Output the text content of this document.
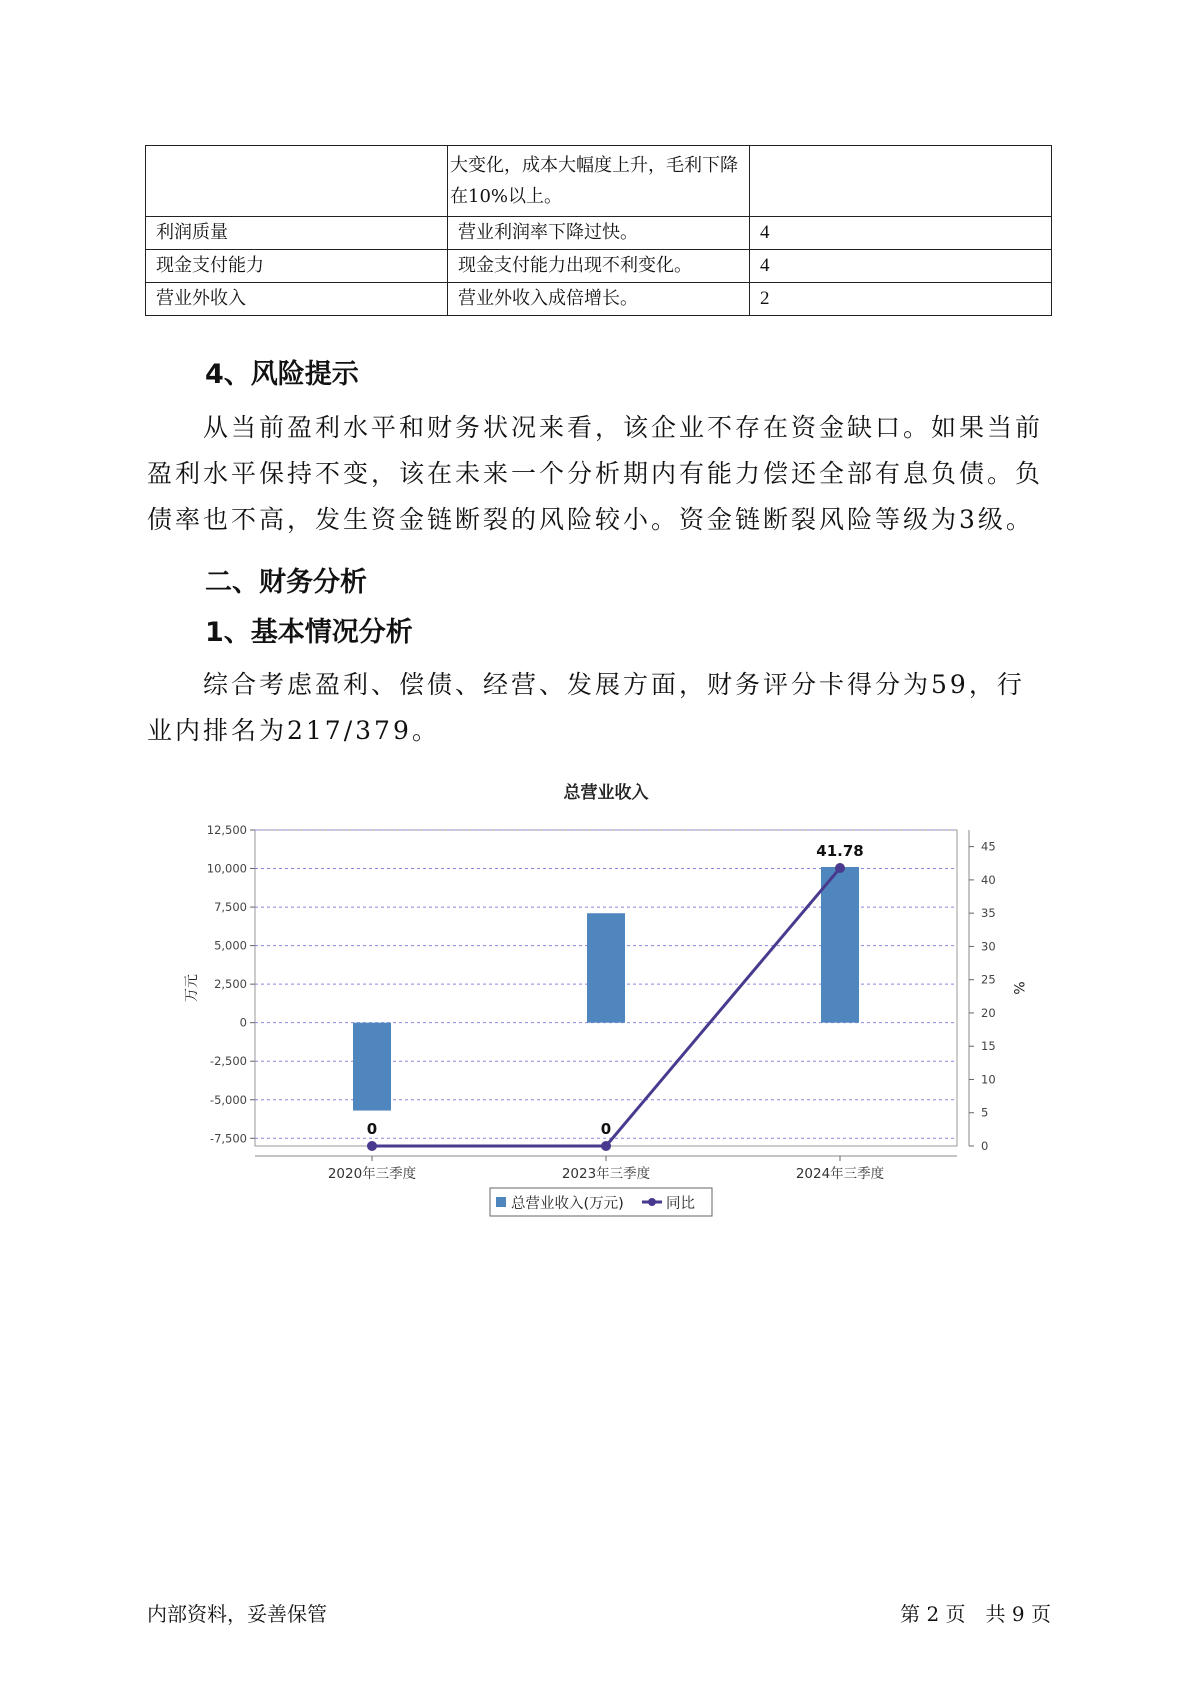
	大变化，成本大幅度上升，毛利下降在10%以上。	
利润质量	营业利润率下降过快。	4
现金支付能力	现金支付能力出现不利变化。	4
营业外收入	营业外收入成倍增长。	2
4、风险提示

从当前盈利水平和财务状况来看，该企业不存在资金缺口。如果当前盈利水平保持不变，该在未来一个分析期内有能力偿还全部有息负债。负债率也不高，发生资金链断裂的风险较小。资金链断裂风险等级为3级。

二、财务分析
1、基本情况分析

综合考虑盈利、偿债、经营、发展方面，财务评分卡得分为59，行业内排名为217/379。

总营业收入
12,500
10,000
7,500
5,000
2,500
0
-2,500
-5,000
-7,500
45
40
35
30
25
20
15
10
5
0
万元	%
2020年三季度	2023年三季度	2024年三季度
0	0
41.78
总营业收入(万元)	同比
内部资料，妥善保管	第 2 页　共 9 页
